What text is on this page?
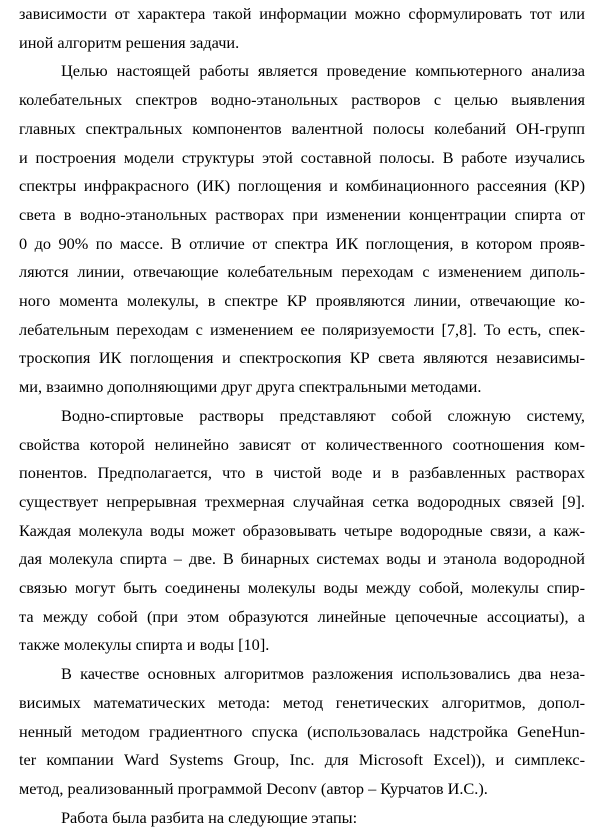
зависимости от характера такой информации можно сформулировать тот или
иной алгоритм решения задачи.
Целью настоящей работы является проведение компьютерного анализа
колебательных спектров водно-этанольных растворов с целью выявления
главных спектральных компонентов валентной полосы колебаний ОН-групп
и построения модели структуры этой составной полосы. В работе изучались
спектры инфракрасного (ИК) поглощения и комбинационного рассеяния (КР)
света в водно-этанольных растворах при изменении концентрации спирта от
0 до 90% по массе. В отличие от спектра ИК поглощения, в котором прояв-
ляются линии, отвечающие колебательным переходам с изменением диполь-
ного момента молекулы, в спектре КР проявляются линии, отвечающие ко-
лебательным переходам с изменением ее поляризуемости [7,8]. То есть, спек-
троскопия ИК поглощения и спектроскопия КР света являются независимы-
ми, взаимно дополняющими друг друга спектральными методами.
Водно-спиртовые растворы представляют собой сложную систему,
свойства которой нелинейно зависят от количественного соотношения ком-
понентов. Предполагается, что в чистой воде и в разбавленных растворах
существует непрерывная трехмерная случайная сетка водородных связей [9].
Каждая молекула воды может образовывать четыре водородные связи, а каж-
дая молекула спирта – две. В бинарных системах воды и этанола водородной
связью могут быть соединены молекулы воды между собой, молекулы спир-
та между собой (при этом образуются линейные цепочечные ассоциаты), а
также молекулы спирта и воды [10].
В качестве основных алгоритмов разложения использовались два неза-
висимых математических метода: метод генетических алгоритмов, допол-
ненный методом градиентного спуска (использовалась надстройка GeneHun-
ter компании Ward Systems Group, Inc. для Microsoft Excel)), и симплекс-
метод, реализованный программой Deconv (автор – Курчатов И.С.).
Работа была разбита на следующие этапы:
